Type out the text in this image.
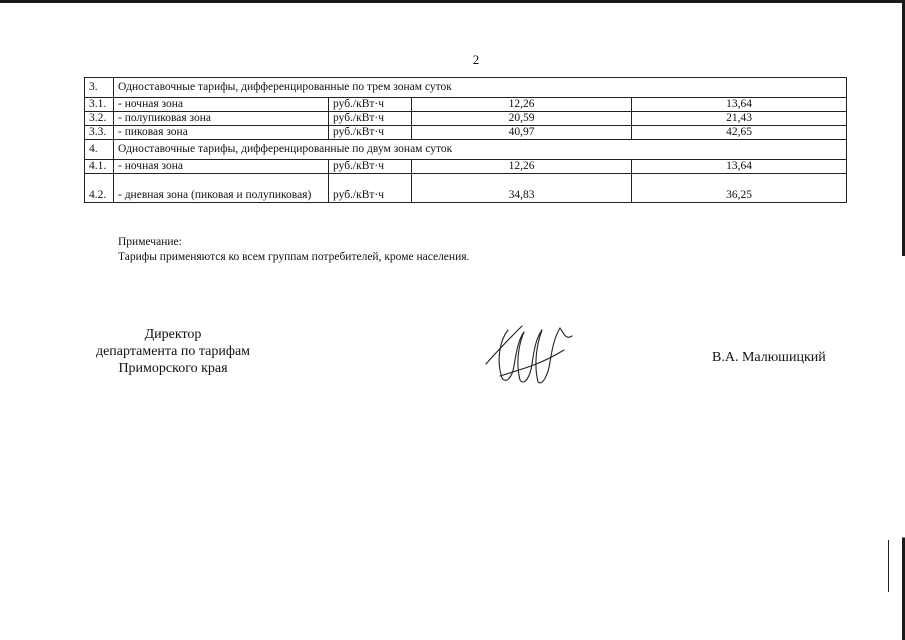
2
3.	Одноставочные тарифы, дифференцированные по трем зонам суток			
3.1.	- ночная зона	руб./кВт·ч	12,26	13,64
3.2.	- полупиковая зона	руб./кВт·ч	20,59	21,43
3.3.	- пиковая зона	руб./кВт·ч	40,97	42,65
4.	Одноставочные тарифы, дифференцированные по двум зонам суток			
4.1.	- ночная зона	руб./кВт·ч	12,26	13,64
4.2.	- дневная зона (пиковая и полупиковая)	руб./кВт·ч	34,83	36,25
Примечание:
Тарифы применяются ко всем группам потребителей, кроме населения.
Директор
департамента по тарифам
Приморского края
В.А. Малюшицкий
